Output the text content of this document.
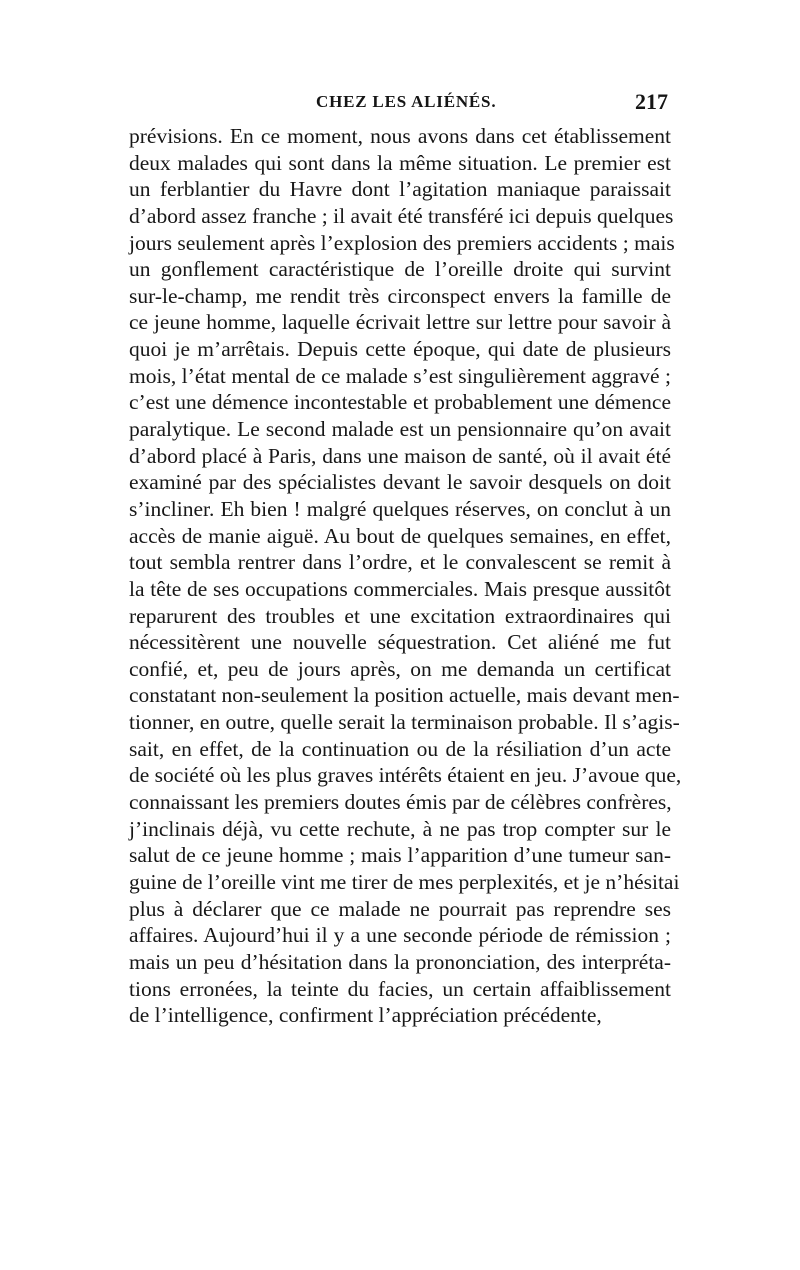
CHEZ LES ALIÉNÉS.	217
prévisions. En ce moment, nous avons dans cet établissement
deux malades qui sont dans la même situation. Le premier est
un ferblantier du Havre dont l’agitation maniaque paraissait
d’abord assez franche ; il avait été transféré ici depuis quelques
jours seulement après l’explosion des premiers accidents ; mais
un gonflement caractéristique de l’oreille droite qui survint
sur-le-champ, me rendit très circonspect envers la famille de
ce jeune homme, laquelle écrivait lettre sur lettre pour savoir à
quoi je m’arrêtais. Depuis cette époque, qui date de plusieurs
mois, l’état mental de ce malade s’est singulièrement aggravé ;
c’est une démence incontestable et probablement une démence
paralytique. Le second malade est un pensionnaire qu’on avait
d’abord placé à Paris, dans une maison de santé, où il avait été
examiné par des spécialistes devant le savoir desquels on doit
s’incliner. Eh bien ! malgré quelques réserves, on conclut à un
accès de manie aiguë. Au bout de quelques semaines, en effet,
tout sembla rentrer dans l’ordre, et le convalescent se remit à
la tête de ses occupations commerciales. Mais presque aussitôt
reparurent des troubles et une excitation extraordinaires qui
nécessitèrent une nouvelle séquestration. Cet aliéné me fut
confié, et, peu de jours après, on me demanda un certificat
constatant non-seulement la position actuelle, mais devant men-
tionner, en outre, quelle serait la terminaison probable. Il s’agis-
sait, en effet, de la continuation ou de la résiliation d’un acte
de société où les plus graves intérêts étaient en jeu. J’avoue que,
connaissant les premiers doutes émis par de célèbres confrères,
j’inclinais déjà, vu cette rechute, à ne pas trop compter sur le
salut de ce jeune homme ; mais l’apparition d’une tumeur san-
guine de l’oreille vint me tirer de mes perplexités, et je n’hésitai
plus à déclarer que ce malade ne pourrait pas reprendre ses
affaires. Aujourd’hui il y a une seconde période de rémission ;
mais un peu d’hésitation dans la prononciation, des interpréta-
tions erronées, la teinte du facies, un certain affaiblissement
de l’intelligence, confirment l’appréciation précédente,
